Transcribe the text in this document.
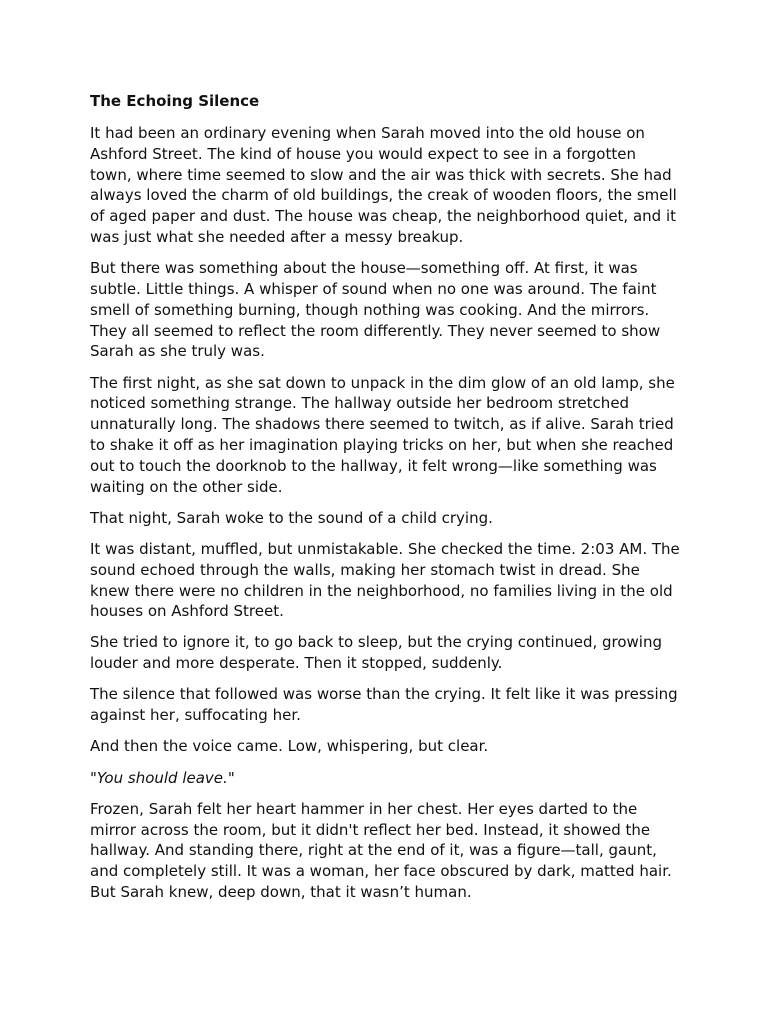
The Echoing Silence

It had been an ordinary evening when Sarah moved into the old house on Ashford Street. The kind of house you would expect to see in a forgotten town, where time seemed to slow and the air was thick with secrets. She had always loved the charm of old buildings, the creak of wooden floors, the smell of aged paper and dust. The house was cheap, the neighborhood quiet, and it was just what she needed after a messy breakup.

But there was something about the house—something off. At first, it was subtle. Little things. A whisper of sound when no one was around. The faint smell of something burning, though nothing was cooking. And the mirrors. They all seemed to reflect the room differently. They never seemed to show Sarah as she truly was.

The first night, as she sat down to unpack in the dim glow of an old lamp, she noticed something strange. The hallway outside her bedroom stretched unnaturally long. The shadows there seemed to twitch, as if alive. Sarah tried to shake it off as her imagination playing tricks on her, but when she reached out to touch the doorknob to the hallway, it felt wrong—like something was waiting on the other side.

That night, Sarah woke to the sound of a child crying.

It was distant, muffled, but unmistakable. She checked the time. 2:03 AM. The sound echoed through the walls, making her stomach twist in dread. She knew there were no children in the neighborhood, no families living in the old houses on Ashford Street.

She tried to ignore it, to go back to sleep, but the crying continued, growing louder and more desperate. Then it stopped, suddenly.

The silence that followed was worse than the crying. It felt like it was pressing against her, suffocating her.

And then the voice came. Low, whispering, but clear.

"You should leave."

Frozen, Sarah felt her heart hammer in her chest. Her eyes darted to the mirror across the room, but it didn't reflect her bed. Instead, it showed the hallway. And standing there, right at the end of it, was a figure—tall, gaunt, and completely still. It was a woman, her face obscured by dark, matted hair. But Sarah knew, deep down, that it wasn’t human.
